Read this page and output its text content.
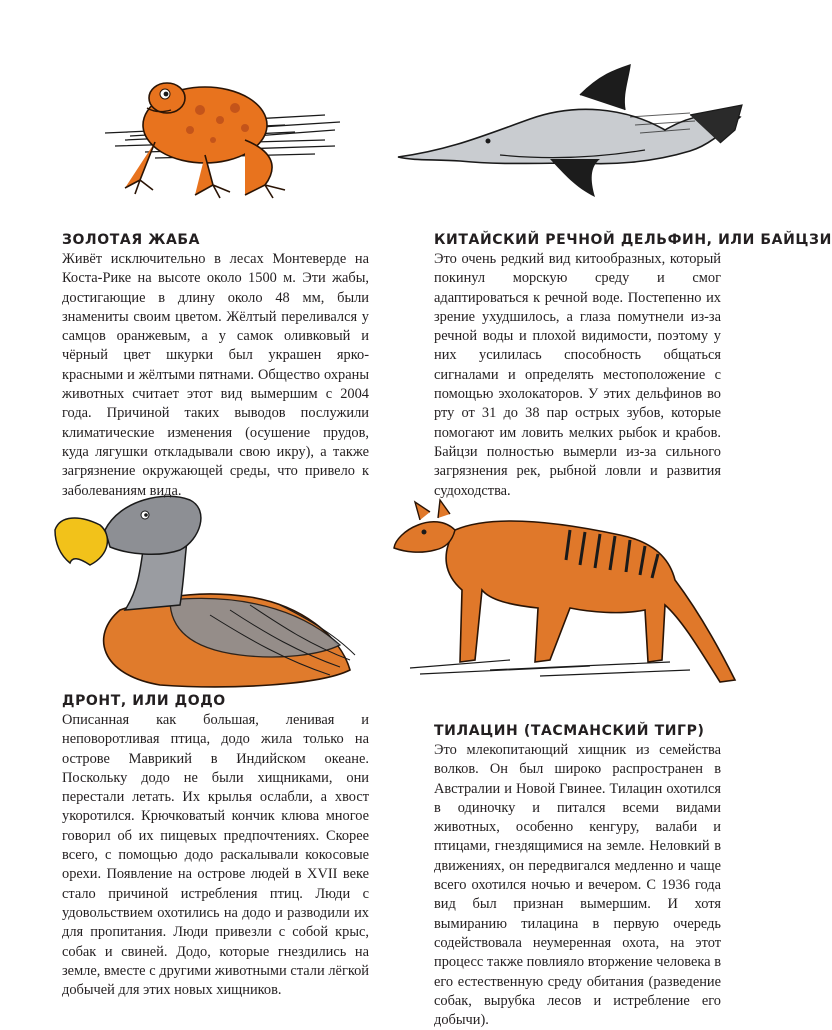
ЗОЛОТАЯ ЖАБА

Живёт исключительно в лесах Монтеверде на Коста-Рике на высоте около 1500 м. Эти жабы, достигающие в длину около 48 мм, были знамениты своим цветом. Жёлтый переливался у самцов оранжевым, а у самок оливковый и чёрный цвет шкурки был украшен ярко-красными и жёлтыми пятнами. Общество охраны животных считает этот вид вымершим с 2004 года. Причиной таких выводов послужили климатические изменения (осушение прудов, куда лягушки откладывали свою икру), а также загрязнение окружающей среды, что привело к заболеваниям вида.

КИТАЙСКИЙ РЕЧНОЙ ДЕЛЬФИН, ИЛИ БАЙЦЗИ

Это очень редкий вид китообразных, который покинул морскую среду и смог адаптироваться к речной воде. Постепенно их зрение ухудшилось, а глаза помутнели из-за речной воды и плохой видимости, поэтому у них усилилась способность общаться сигналами и определять местоположение с помощью эхолокаторов. У этих дельфинов во рту от 31 до 38 пар острых зубов, которые помогают им ловить мелких рыбок и крабов. Байцзи полностью вымерли из-за сильного загрязнения рек, рыбной ловли и развития судоходства.

ДРОНТ, ИЛИ ДОДО

Описанная как большая, ленивая и неповоротливая птица, додо жила только на острове Маврикий в Индийском океане. Поскольку додо не были хищниками, они перестали летать. Их крылья ослабли, а хвост укоротился. Крючковатый кончик клюва многое говорил об их пищевых предпочтениях. Скорее всего, с помощью додо раскалывали кокосовые орехи. Появление на острове людей в XVII веке стало причиной истребления птиц. Люди с удовольствием охотились на додо и разводили их для пропитания. Люди привезли с собой крыс, собак и свиней. Додо, которые гнездились на земле, вместе с другими животными стали лёгкой добычей для этих новых хищников.

ТИЛАЦИН (ТАСМАНСКИЙ ТИГР)

Это млекопитающий хищник из семейства волков. Он был широко распространен в Австралии и Новой Гвинее. Тилацин охотился в одиночку и питался всеми видами животных, особенно кенгуру, валаби и птицами, гнездящимися на земле. Неловкий в движениях, он передвигался медленно и чаще всего охотился ночью и вечером. С 1936 года вид был признан вымершим. И хотя вымиранию тилацина в первую очередь содействовала неумеренная охота, на этот процесс также повлияло вторжение человека в его естественную среду обитания (разведение собак, вырубка лесов и истребление его добычи).
